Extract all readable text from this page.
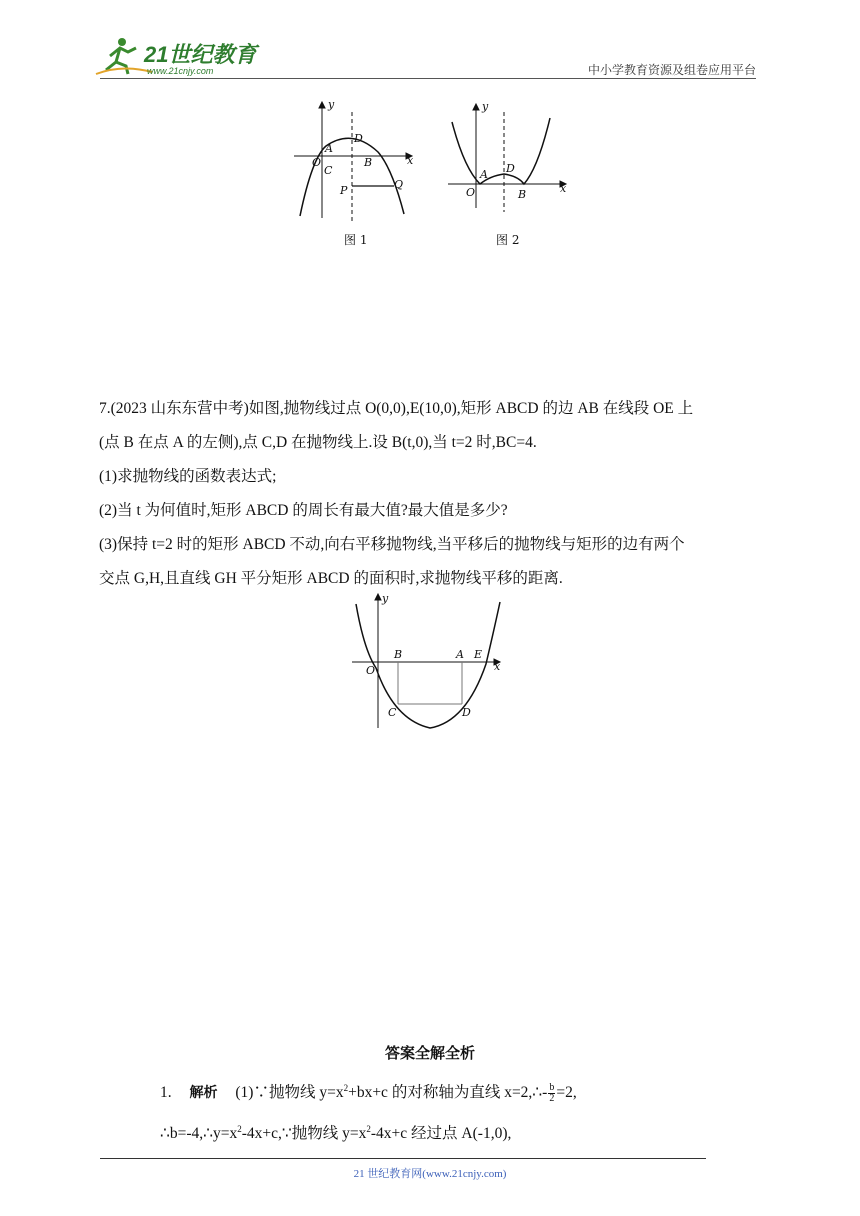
21世纪教育
www.21cnjy.com	中小学教育资源及组卷应用平台
y
x
O
A
C
D
B
P	Q
图 1
y
x
O
A D
B
图 2
7.(2023 山东东营中考)如图,抛物线过点 O(0,0),E(10,0),矩形 ABCD 的边 AB 在线段 OE 上
(点 B 在点 A 的左侧),点 C,D 在抛物线上.设 B(t,0),当 t=2 时,BC=4.
(1)求抛物线的函数表达式;
(2)当 t 为何值时,矩形 ABCD 的周长有最大值?最大值是多少?
(3)保持 t=2 时的矩形 ABCD 不动,向右平移抛物线,当平移后的抛物线与矩形的边有两个
交点 G,H,且直线 GH 平分矩形 ABCD 的面积时,求抛物线平移的距离.
y
x
O
B	A E
C	D
答案全解全析
1. 解析 (1)∵抛物线 $y=x^2+bx+c$ 的对称轴为直线 x=2,∴- $\frac{b}{2} =2$,
$\therefore b=-4,\therefore y=x^2-4x+c,\because$抛物线 $y=x^2-4x+c$ 经过点 A(-1,0),
21 世纪教育网(www.21cnjy.com)
